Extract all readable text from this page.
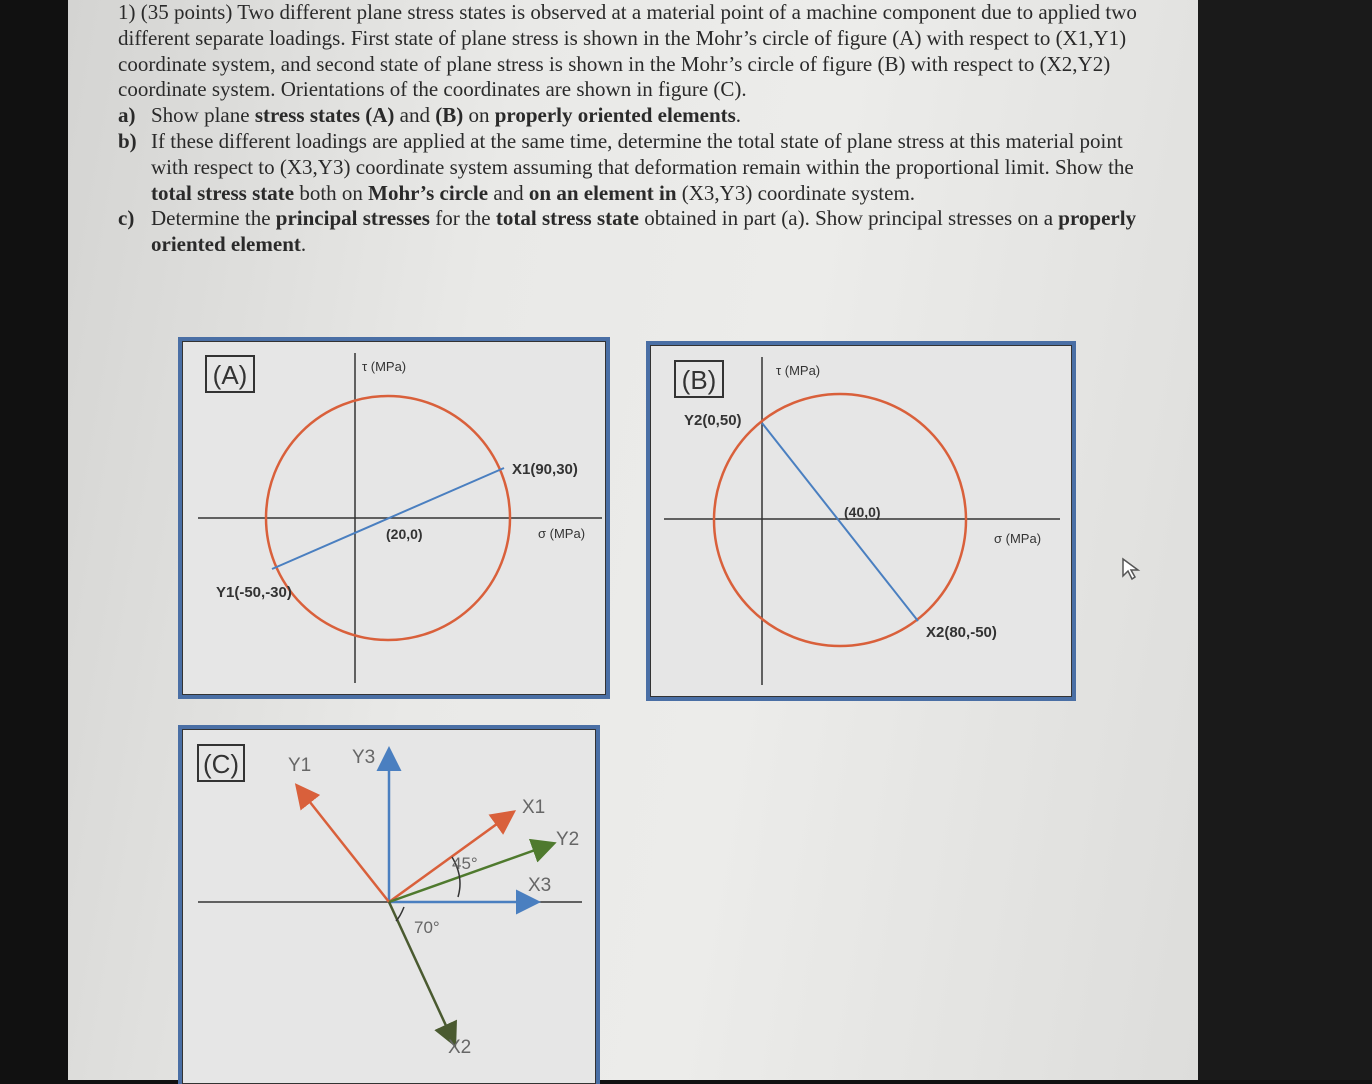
1) (35 points) Two different plane stress states is observed at a material point of a machine component due to applied two different separate loadings. First state of plane stress is shown in the Mohr’s circle of figure (A) with respect to (X1,Y1) coordinate system, and second state of plane stress is shown in the Mohr’s circle of figure (B) with respect to (X2,Y2) coordinate system. Orientations of the coordinates are shown in figure (C).

a) Show plane stress states (A) and (B) on properly oriented elements.

b) If these different loadings are applied at the same time, determine the total state of plane stress at this material point with respect to (X3,Y3) coordinate system assuming that deformation remain within the proportional limit. Show the total stress state both on Mohr’s circle and on an element in (X3,Y3) coordinate system.

c) Determine the principal stresses for the total stress state obtained in part (a). Show principal stresses on a properly oriented element.

(A)	τ (MPa)
σ (MPa)
(20,0)
X1(90,30)
Y1(-50,-30)
(B)	τ (MPa)
σ (MPa)
(40,0)
Y2(0,50)
X2(80,-50)
(C)	Y1 Y3
X1
Y2
X3
X2
45°
70°
